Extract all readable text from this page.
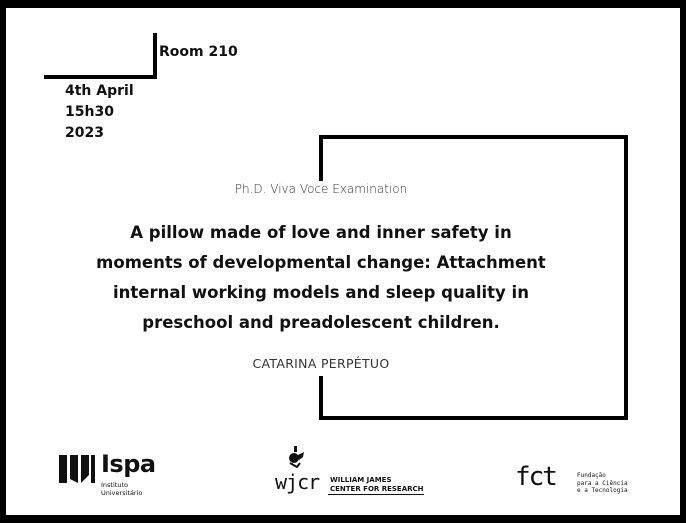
Room 210
4th April
15h30
2023
Ph.D. Viva Voce Examination
A pillow made of love and inner safety in
moments of developmental change: Attachment
internal working models and sleep quality in
preschool and preadolescent children.
CATARINA PERPÉTUO
Ispa
Instituto
Universitário	wjcr WILLIAM JAMES
CENTER FOR RESEARCH	fct	Fundação
para a Ciência
e a Tecnologia
